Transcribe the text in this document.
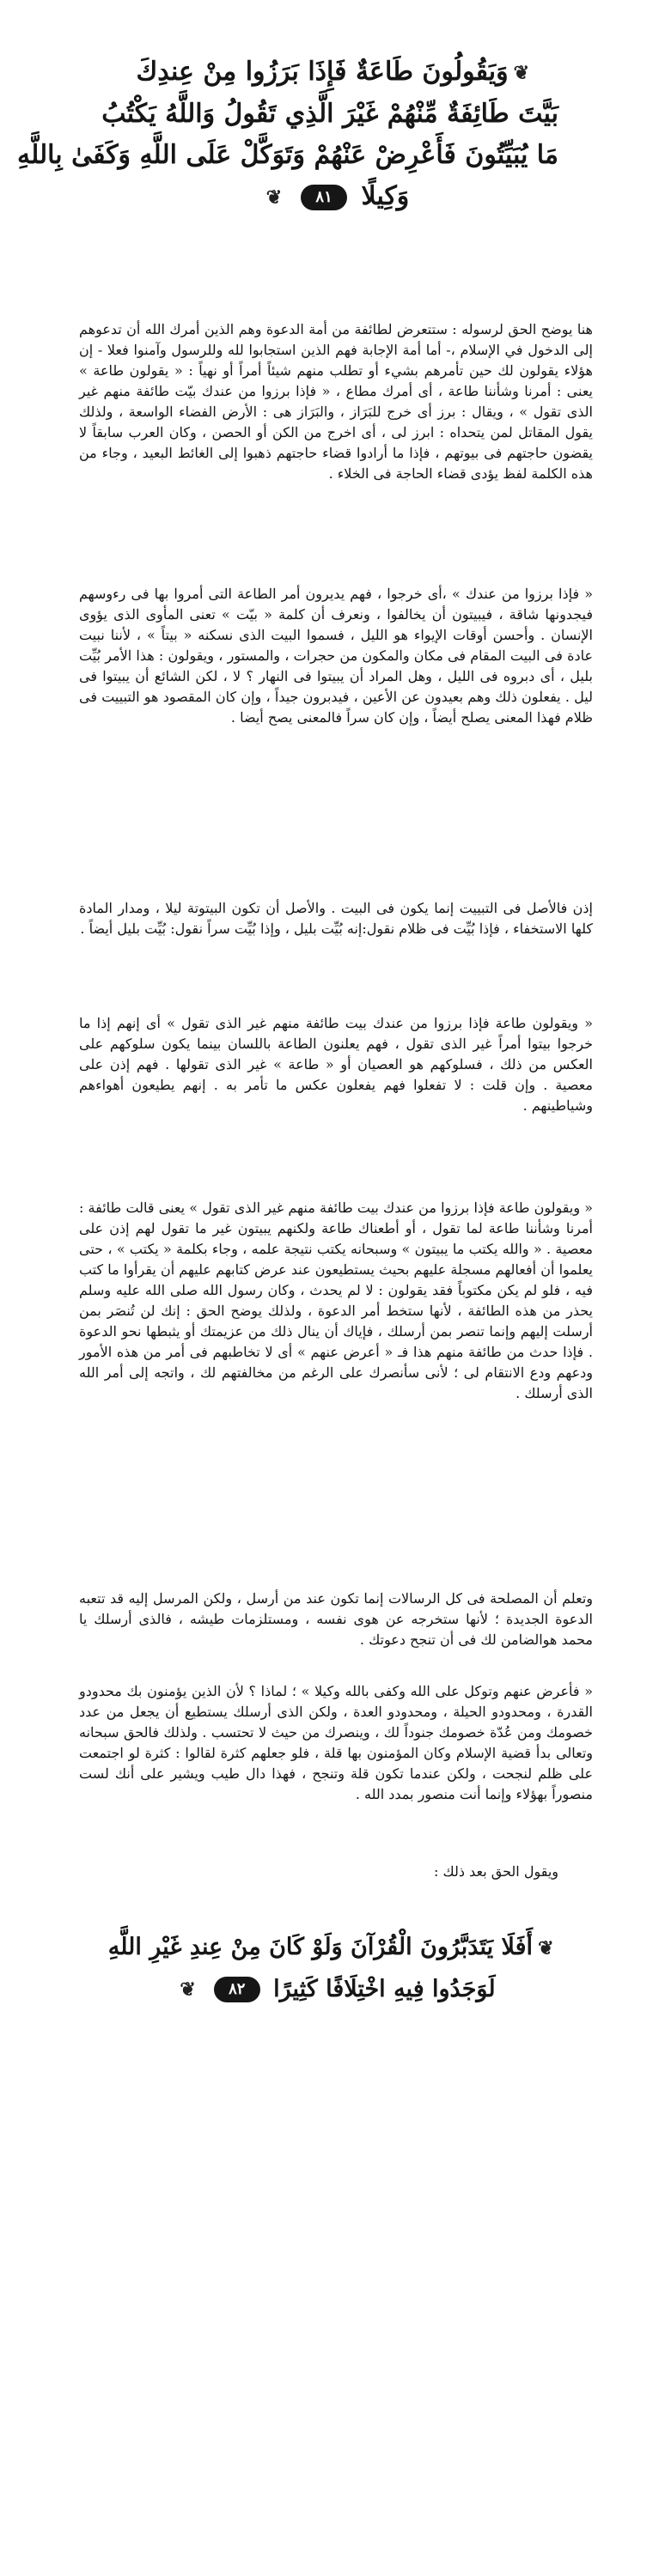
❦وَيَقُولُونَ طَاعَةٌ فَإِذَا بَرَزُوا مِنْ عِندِكَ
بَيَّتَ طَائِفَةٌ مِّنْهُمْ غَيْرَ الَّذِي تَقُولُ وَاللَّهُ يَكْتُبُ
مَا يُبَيِّتُونَ فَأَعْرِضْ عَنْهُمْ وَتَوَكَّلْ عَلَى اللَّهِ وَكَفَىٰ بِاللَّهِ
وَكِيلًا ٨١ ❦

هنا يوضح الحق لرسوله : ستتعرض لطائفة من أمة الدعوة وهم الذين أمرك الله أن تدعوهم إلى الدخول في الإسلام ،- أما أمة الإجابة فهم الذين استجابوا لله وللرسول وآمنوا فعلا - إن هؤلاء يقولون لك حين تأمرهم بشيء أو تطلب منهم شيئاً أمراً أو نهياً : « يقولون طاعة » يعنى : أمرنا وشأننا طاعة ، أى أمرك مطاع ، « فإذا برزوا من عندك بيّت طائفة منهم غير الذى تقول » ، ويقال : برز أى خرج للبَرَاز ، والبَرَاز هى : الأرض الفضاء الواسعة ، ولذلك يقول المقاتل لمن يتحداه : ابرز لى ، أى اخرج من الكن أو الحصن ، وكان العرب سابقاً لا يقضون حاجتهم فى بيوتهم ، فإذا ما أرادوا قضاء حاجتهم ذهبوا إلى الغائط البعيد ، وجاء من هذه الكلمة لفظ يؤدى قضاء الحاجة فى الخلاء .

« فإذا برزوا من عندك » ،أى خرجوا ، فهم يديرون أمر الطاعة التى أمروا بها فى رءوسهم فيجدونها شاقة ، فيبيتون أن يخالفوا ، ونعرف أن كلمة « بيّت » تعنى المأوى الذى يؤوى الإنسان . وأحسن أوقات الإيواء هو الليل ، فسموا البيت الذى نسكنه « بيتاً » ، لأننا نبيت عادة فى البيت المقام فى مكان والمكون من حجرات ، والمستور ، ويقولون : هذا الأمر بُيِّت بليل ، أى دبروه فى الليل ، وهل المراد أن يبيتوا فى النهار ؟ لا ، لكن الشائع أن يبيتوا فى ليل . يفعلون ذلك وهم بعيدون عن الأعين ، فيدبرون جيداً ، وإن كان المقصود هو التبييت فى ظلام فهذا المعنى يصلح أيضاً ، وإن كان سراً فالمعنى يصح أيضا .

إذن فالأصل فى التبييت إنما يكون فى البيت . والأصل أن تكون البيتوتة ليلا ، ومدار المادة كلها الاستخفاء ، فإذا بُيِّت فى ظلام نقول:إنه بُيِّت بليل ، وإذا بُيِّت سراً نقول: بُيِّت بليل أيضاً .

« ويقولون طاعة فإذا برزوا من عندك بيت طائفة منهم غير الذى تقول » أى إنهم إذا ما خرجوا بيتوا أمراً غير الذى تقول ، فهم يعلنون الطاعة باللسان بينما يكون سلوكهم على العكس من ذلك ، فسلوكهم هو العصيان أو « طاعة » غير الذى تقولها . فهم إذن على معصية . وإن قلت : لا تفعلوا فهم يفعلون عكس ما تأمر به . إنهم يطيعون أهواءهم وشياطينهم .

« ويقولون طاعة فإذا برزوا من عندك بيت طائفة منهم غير الذى تقول » يعنى قالت طائفة : أمرنا وشأننا طاعة لما تقول ، أو أطعناك طاعة ولكنهم يبيتون غير ما تقول لهم إذن على معصية . « والله يكتب ما يبيتون » وسبحانه يكتب نتيجة علمه ، وجاء بكلمة « يكتب » ، حتى يعلموا أن أفعالهم مسجلة عليهم بحيث يستطيعون عند عرض كتابهم عليهم أن يقرأوا ما كتب فيه ، فلو لم يكن مكتوباً فقد يقولون : لا لم يحدث ، وكان رسول الله صلى الله عليه وسلم يحذر من هذه الطائفة ، لأنها ستخط أمر الدعوة ، ولذلك يوضح الحق : إنك لن تُنصَر بمن أرسلت إليهم وإنما تنصر بمن أرسلك ، فإياك أن ينال ذلك من عزيمتك أو يثبطها نحو الدعوة . فإذا حدث من طائفة منهم هذا فـ « أعرض عنهم » أى لا تخاطبهم فى أمر من هذه الأمور ودعهم ودع الانتقام لى ؛ لأنى سأنصرك على الرغم من مخالفتهم لك ، واتجه إلى أمر الله الذى أرسلك .

وتعلم أن المصلحة فى كل الرسالات إنما تكون عند من أرسل ، ولكن المرسل إليه قد تتعبه الدعوة الجديدة ؛ لأنها ستخرجه عن هوى نفسه ، ومستلزمات طيشه ، فالذى أرسلك يا محمد هوالضامن لك فى أن تنجح دعوتك .

« فأعرض عنهم وتوكل على الله وكفى بالله وكيلا » ؛ لماذا ؟ لأن الذين يؤمنون بك محدودو القدرة ، ومحدودو الحيلة ، ومحدودو العدة ، ولكن الذى أرسلك يستطيع أن يجعل من عدد خصومك ومن عُدّة خصومك جنوداً لك ، وينصرك من حيث لا تحتسب . ولذلك فالحق سبحانه وتعالى بدأ قضية الإسلام وكان المؤمنون بها قلة ، فلو جعلهم كثرة لقالوا : كثرة لو اجتمعت على ظلم لنجحت ، ولكن عندما تكون قلة وتنجح ، فهذا دال طيب ويشير على أنك لست منصوراً بهؤلاء وإنما أنت منصور بمدد الله .

ويقول الحق بعد ذلك :

❦أَفَلَا يَتَدَبَّرُونَ الْقُرْآنَ وَلَوْ كَانَ مِنْ عِندِ غَيْرِ اللَّهِ
لَوَجَدُوا فِيهِ اخْتِلَافًا كَثِيرًا ٨٢ ❦
